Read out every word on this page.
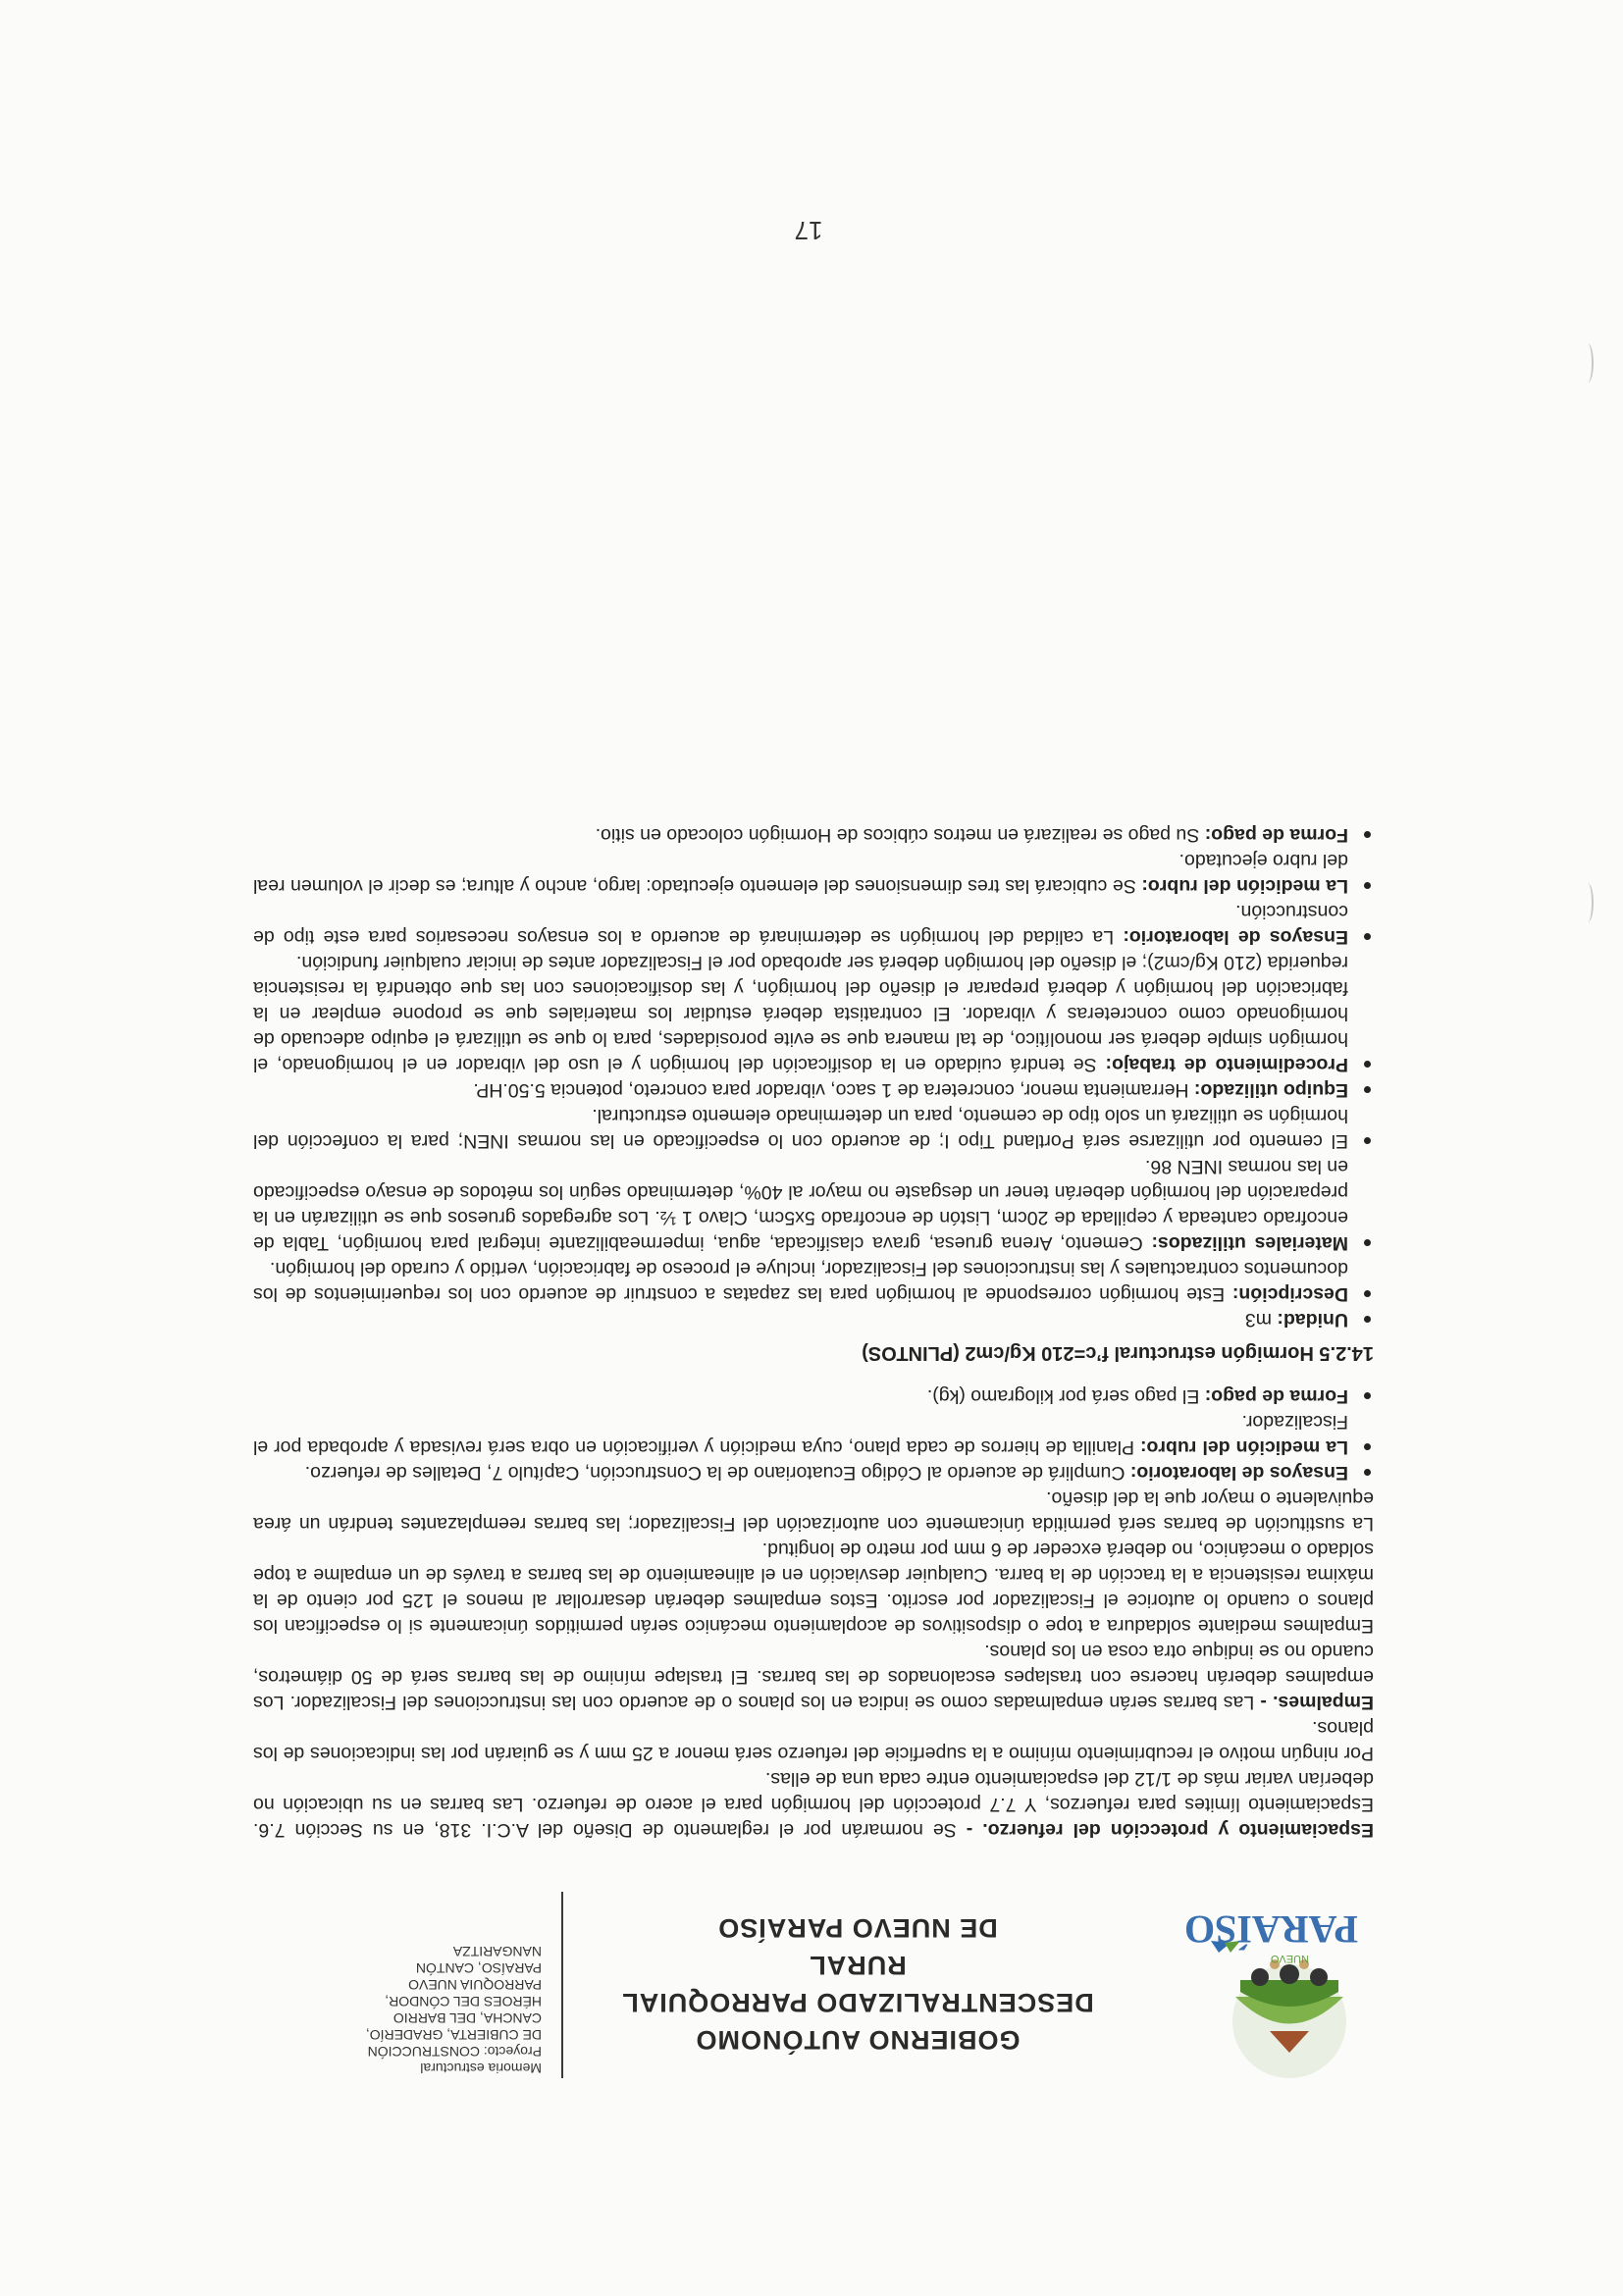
PARAÍSO
NUEVO
GOBIERNO AUTÓNOMO
DESCENTRALIZADO PARROQUIAL RURAL
DE NUEVO PARAÍSO
Memoria estructural
Proyecto: CONSTRUCCIÓN
DE CUBIERTA, GRADERÍO,
CANCHA, DEL BARRIO
HÉROES DEL CÓNDOR,
PARROQUIA NUEVO
PARAÍSO, CANTÓN
NANGARITZA

Espaciamiento y protección del refuerzo. - Se normarán por el reglamento de Diseño del A.C.I. 318, en su Sección 7.6. Espaciamiento límites para refuerzos, Y 7.7 protección del hormigón para el acero de refuerzo. Las barras en su ubicación no deberían variar más de 1/12 del espaciamiento entre cada una de ellas.

Por ningún motivo el recubrimiento mínimo a la superficie del refuerzo será menor a 25 mm y se guiarán por las indicaciones de los planos.

Empalmes. - Las barras serán empalmadas como se indica en los planos o de acuerdo con las instrucciones del Fiscalizador. Los empalmes deberán hacerse con traslapes escalonados de las barras. El traslape mínimo de las barras será de 50 diámetros, cuando no se indique otra cosa en los planos.

Empalmes mediante soldadura a tope o dispositivos de acoplamiento mecánico serán permitidos únicamente si lo especifican los planos o cuando lo autorice el Fiscalizador por escrito. Estos empalmes deberán desarrollar al menos el 125 por ciento de la máxima resistencia a la tracción de la barra. Cualquier desviación en el alineamiento de las barras a través de un empalme a tope soldado o mecánico, no deberá exceder de 6 mm por metro de longitud.

La sustitución de barras será permitida únicamente con autorización del Fiscalizador; las barras reemplazantes tendrán un área equivalente o mayor que la del diseño.

Ensayos de laboratorio: Cumplirá de acuerdo al Código Ecuatoriano de la Construcción, Capítulo 7, Detalles de refuerzo.

La medición del rubro: Planilla de hierros de cada plano, cuya medición y verificación en obra será revisada y aprobada por el Fiscalizador.

Forma de pago: El pago será por kilogramo (kg).

14.2.5 Hormigón estructural f’c=210 Kg/cm2 (PLINTOS)

Unidad: m3

Descripción: Este hormigón corresponde al hormigón para las zapatas a construir de acuerdo con los requerimientos de los documentos contractuales y las instrucciones del Fiscalizador, incluye el proceso de fabricación, vertido y curado del hormigón.

Materiales utilizados: Cemento, Arena gruesa, grava clasificada, agua, impermeabilizante integral para hormigón, Tabla de encofrado canteada y cepillada de 20cm, Listón de encofrado 5x5cm, Clavo 1 ½. Los agregados gruesos que se utilizarán en la preparación del hormigón deberán tener un desgaste no mayor al 40%, determinado según los métodos de ensayo especificado en las normas INEN 86.

El cemento por utilizarse será Portland Tipo I; de acuerdo con lo especificado en las normas INEN; para la confección del hormigón se utilizará un solo tipo de cemento, para un determinado elemento estructural.

Equipo utilizado: Herramienta menor, concretera de 1 saco, vibrador para concreto, potencia 5.50.HP.

Procedimiento de trabajo: Se tendrá cuidado en la dosificación del hormigón y el uso del vibrador en el hormigonado, el hormigón simple deberá ser monolítico, de tal manera que se evite porosidades, para lo que se utilizará el equipo adecuado de hormigonado como concreteras y vibrador. El contratista deberá estudiar los materiales que se propone emplear en la fabricación del hormigón y deberá preparar el diseño del hormigón, y las dosificaciones con las que obtendrá la resistencia requerida (210 Kg/cm2); el diseño del hormigón deberá ser aprobado por el Fiscalizador antes de iniciar cualquier fundición.

Ensayos de laboratorio: La calidad del hormigón se determinará de acuerdo a los ensayos necesarios para este tipo de construcción.

La medición del rubro: Se cubicará las tres dimensiones del elemento ejecutado: largo, ancho y altura; es decir el volumen real del rubro ejecutado.

Forma de pago: Su pago se realizará en metros cúbicos de Hormigón colocado en sitio.

17
